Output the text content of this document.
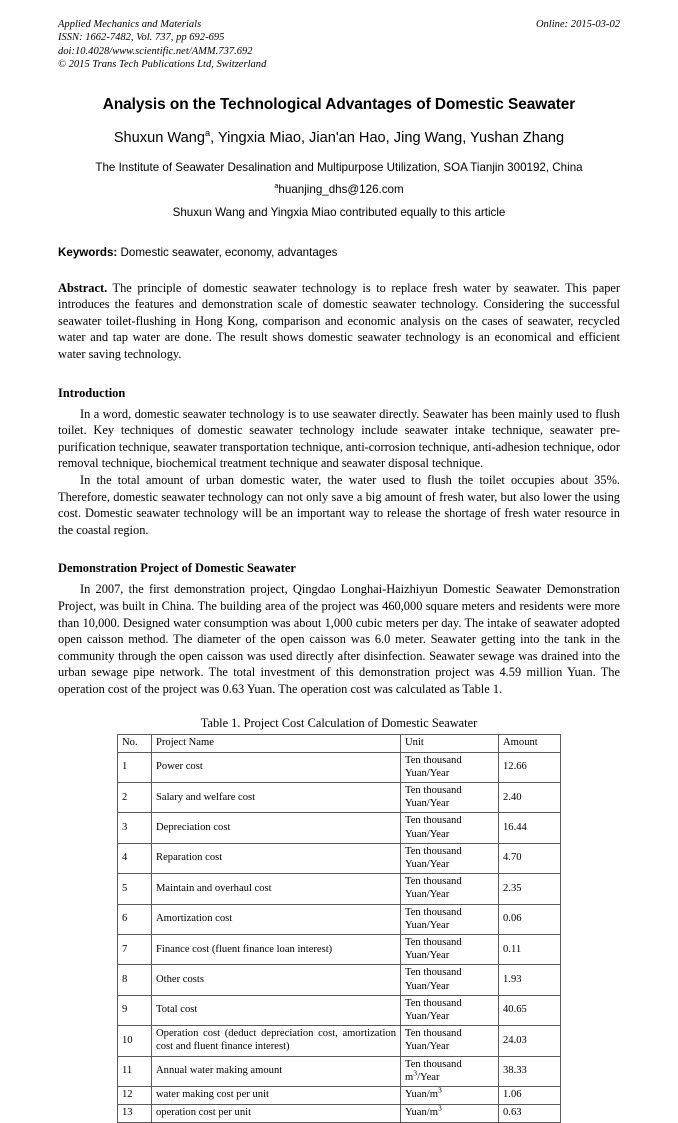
Applied Mechanics and Materials
ISSN: 1662-7482, Vol. 737, pp 692-695
doi:10.4028/www.scientific.net/AMM.737.692
© 2015 Trans Tech Publications Ltd, Switzerland
Online: 2015-03-02
Analysis on the Technological Advantages of Domestic Seawater
Shuxun Wang$^a$, Yingxia Miao, Jian'an Hao, Jing Wang, Yushan Zhang
The Institute of Seawater Desalination and Multipurpose Utilization, SOA Tianjin 300192, China
$^a$huanjing_dhs@126.com
Shuxun Wang and Yingxia Miao contributed equally to this article
Keywords: Domestic seawater, economy, advantages
Abstract. The principle of domestic seawater technology is to replace fresh water by seawater. This paper introduces the features and demonstration scale of domestic seawater technology. Considering the successful seawater toilet-flushing in Hong Kong, comparison and economic analysis on the cases of seawater, recycled water and tap water are done. The result shows domestic seawater technology is an economical and efficient water saving technology.
Introduction
In a word, domestic seawater technology is to use seawater directly. Seawater has been mainly used to flush toilet. Key techniques of domestic seawater technology include seawater intake technique, seawater pre-purification technique, seawater transportation technique, anti-corrosion technique, anti-adhesion technique, odor removal technique, biochemical treatment technique and seawater disposal technique.
In the total amount of urban domestic water, the water used to flush the toilet occupies about 35%. Therefore, domestic seawater technology can not only save a big amount of fresh water, but also lower the using cost. Domestic seawater technology will be an important way to release the shortage of fresh water resource in the coastal region.
Demonstration Project of Domestic Seawater
In 2007, the first demonstration project, Qingdao Longhai-Haizhiyun Domestic Seawater Demonstration Project, was built in China. The building area of the project was 460,000 square meters and residents were more than 10,000. Designed water consumption was about 1,000 cubic meters per day. The intake of seawater adopted open caisson method. The diameter of the open caisson was 6.0 meter. Seawater getting into the tank in the community through the open caisson was used directly after disinfection. Seawater sewage was drained into the urban sewage pipe network. The total investment of this demonstration project was 4.59 million Yuan. The operation cost of the project was 0.63 Yuan. The operation cost was calculated as Table 1.
Table 1. Project Cost Calculation of Domestic Seawater
No.	Project Name	Unit	Amount
1	Power cost	Ten thousand Yuan/Year	12.66
2	Salary and welfare cost	Ten thousand Yuan/Year	2.40
3	Depreciation cost	Ten thousand Yuan/Year	16.44
4	Reparation cost	Ten thousand Yuan/Year	4.70
5	Maintain and overhaul cost	Ten thousand Yuan/Year	2.35
6	Amortization cost	Ten thousand Yuan/Year	0.06
7	Finance cost (fluent finance loan interest)	Ten thousand Yuan/Year	0.11
8	Other costs	Ten thousand Yuan/Year	1.93
9	Total cost	Ten thousand Yuan/Year	40.65
10	Operation cost (deduct depreciation cost, amortization cost and fluent finance interest)	Ten thousand Yuan/Year	24.03
11	Annual water making amount	Ten thousand $m^3$/Year	38.33
12	water making cost per unit	Yuan/$m^3$	1.06
13	operation cost per unit	Yuan/$m^3$	0.63
